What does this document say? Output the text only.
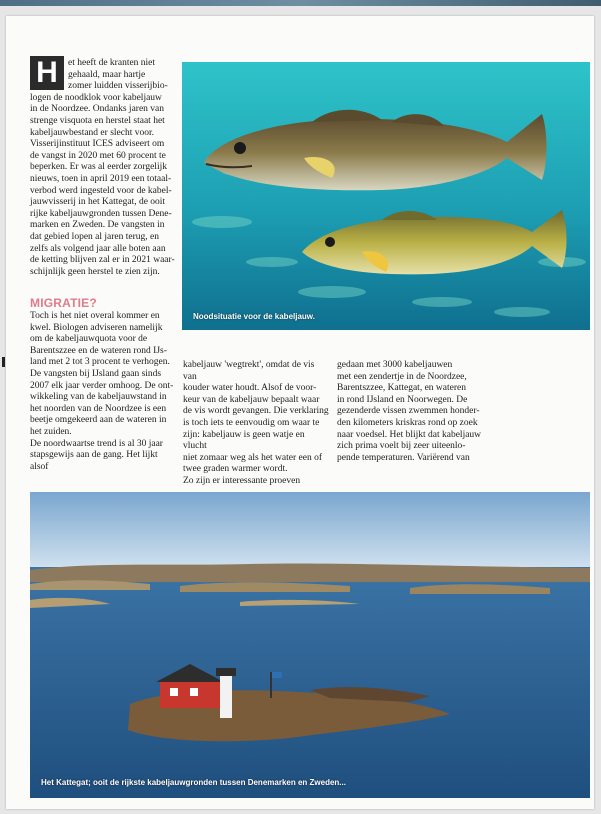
H	et heeft de kranten niet
gehaald, maar hartje
zomer luidden visserijbio-
logen de noodklok voor kabeljauw
in de Noordzee. Ondanks jaren van
strenge visquota en herstel staat het
kabeljauwbestand er slecht voor.
Visserijinstituut ICES adviseert om
de vangst in 2020 met 60 procent te
beperken. Er was al eerder zorgelijk
nieuws, toen in april 2019 een totaal-
verbod werd ingesteld voor de kabel-
jauwvisserij in het Kattegat, de ooit
rijke kabeljauwgronden tussen Dene-
marken en Zweden. De vangsten in
dat gebied lopen al jaren terug, en
zelfs als volgend jaar alle boten aan
de ketting blijven zal er in 2021 waar-
schijnlijk geen herstel te zien zijn.
MIGRATIE?
Toch is het niet overal kommer en
kwel. Biologen adviseren namelijk
om de kabeljauwquota voor de
Barentszzee en de wateren rond IJs-
land met 2 tot 3 procent te verhogen.
De vangsten bij IJsland gaan sinds
2007 elk jaar verder omhoog. De ont-
wikkeling van de kabeljauwstand in
het noorden van de Noordzee is een
beetje omgekeerd aan de wateren in
het zuiden.
De noordwaartse trend is al 30 jaar
stapsgewijs aan de gang. Het lijkt alsof
kabeljauw 'wegtrekt', omdat de vis van
kouder water houdt. Alsof de voor-
keur van de kabeljauw bepaalt waar
de vis wordt gevangen. Die verklaring
is toch iets te eenvoudig om waar te
zijn: kabeljauw is geen watje en vlucht
niet zomaar weg als het water een of
twee graden warmer wordt.
Zo zijn er interessante proeven
gedaan met 3000 kabeljauwen
met een zendertje in de Noordzee,
Barentszzee, Kattegat, en wateren
in rond IJsland en Noorwegen. De
gezenderde vissen zwemmen honder-
den kilometers kriskras rond op zoek
naar voedsel. Het blijkt dat kabeljauw
zich prima voelt bij zeer uiteenlo-
pende temperaturen. Variërend van
Noodsituatie voor de kabeljauw.
Het Kattegat; ooit de rijkste kabeljauwgronden tussen Denemarken en Zweden...
